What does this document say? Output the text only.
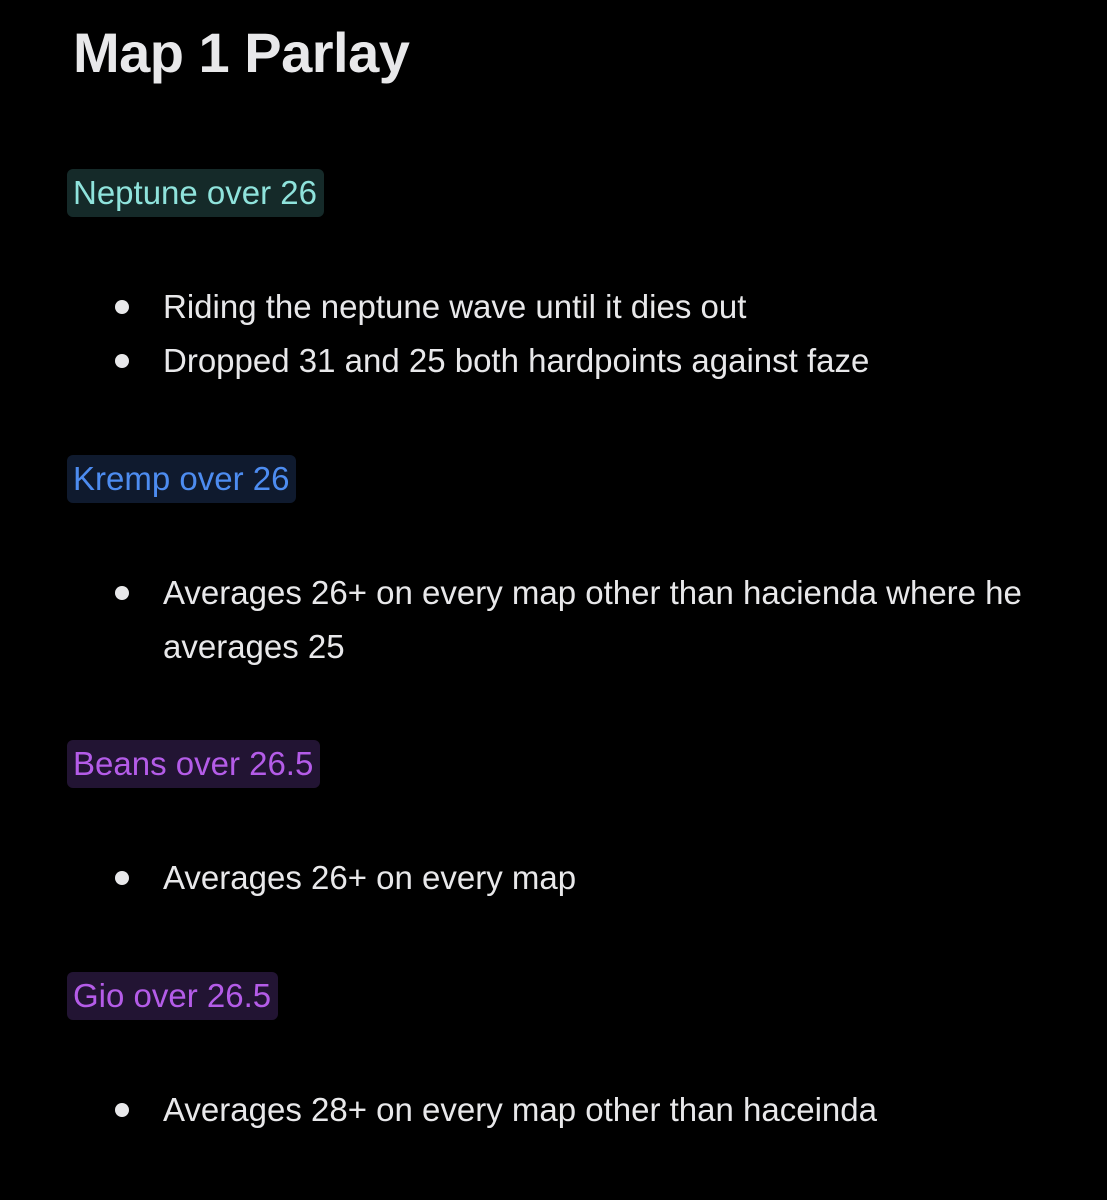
Map 1 Parlay
Neptune over 26
Riding the neptune wave until it dies out
Dropped 31 and 25 both hardpoints against faze
Kremp over 26
Averages 26+ on every map other than hacienda where he averages 25
Beans over 26.5
Averages 26+ on every map
Gio over 26.5
Averages 28+ on every map other than haceinda
